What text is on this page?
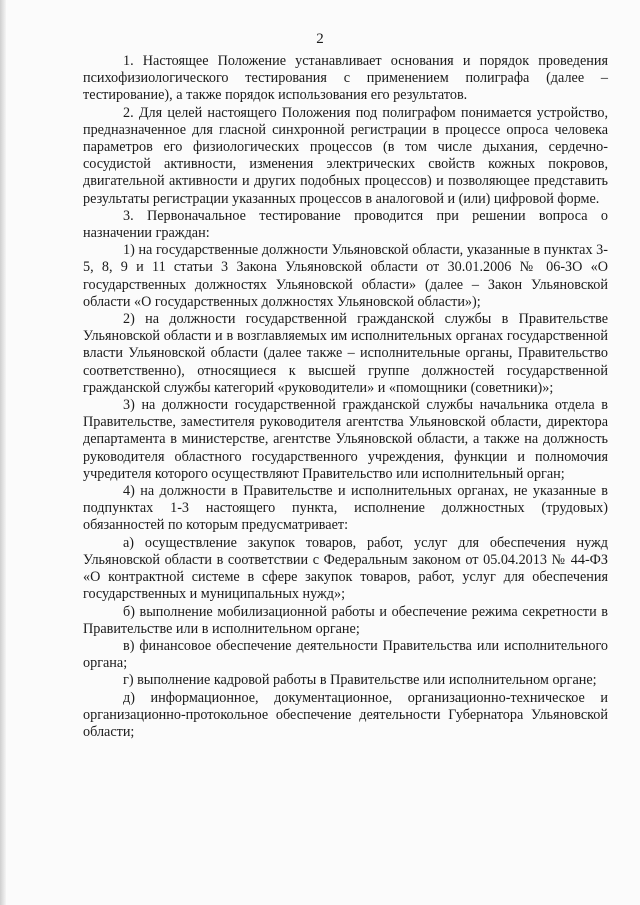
2

1. Настоящее Положение устанавливает основания и порядок проведения психофизиологического тестирования с применением полиграфа (далее – тестирование), а также порядок использования его результатов.

2. Для целей настоящего Положения под полиграфом понимается устройство, предназначенное для гласной синхронной регистрации в процессе опроса человека параметров его физиологических процессов (в том числе дыхания, сердечно-сосудистой активности, изменения электрических свойств кожных покровов, двигательной активности и других подобных процессов) и позволяющее представить результаты регистрации указанных процессов в аналоговой и (или) цифровой форме.

3. Первоначальное тестирование проводится при решении вопроса о назначении граждан:

1) на государственные должности Ульяновской области, указанные в пунктах 3-5, 8, 9 и 11 статьи 3 Закона Ульяновской области от 30.01.2006 № 06-ЗО «О государственных должностях Ульяновской области» (далее – Закон Ульяновской области «О государственных должностях Ульяновской области»);

2) на должности государственной гражданской службы в Правительстве Ульяновской области и в возглавляемых им исполнительных органах государственной власти Ульяновской области (далее также – исполнительные органы, Правительство соответственно), относящиеся к высшей группе должностей государственной гражданской службы категорий «руководители» и «помощники (советники)»;

3) на должности государственной гражданской службы начальника отдела в Правительстве, заместителя руководителя агентства Ульяновской области, директора департамента в министерстве, агентстве Ульяновской области, а также на должность руководителя областного государственного учреждения, функции и полномочия учредителя которого осуществляют Правительство или исполнительный орган;

4) на должности в Правительстве и исполнительных органах, не указанные в подпунктах 1-3 настоящего пункта, исполнение должностных (трудовых) обязанностей по которым предусматривает:

а) осуществление закупок товаров, работ, услуг для обеспечения нужд Ульяновской области в соответствии с Федеральным законом от 05.04.2013 № 44-ФЗ «О контрактной системе в сфере закупок товаров, работ, услуг для обеспечения государственных и муниципальных нужд»;

б) выполнение мобилизационной работы и обеспечение режима секретности в Правительстве или в исполнительном органе;

в) финансовое обеспечение деятельности Правительства или исполнительного органа;

г) выполнение кадровой работы в Правительстве или исполнительном органе;

д) информационное, документационное, организационно-техническое и организационно-протокольное обеспечение деятельности Губернатора Ульяновской области;
